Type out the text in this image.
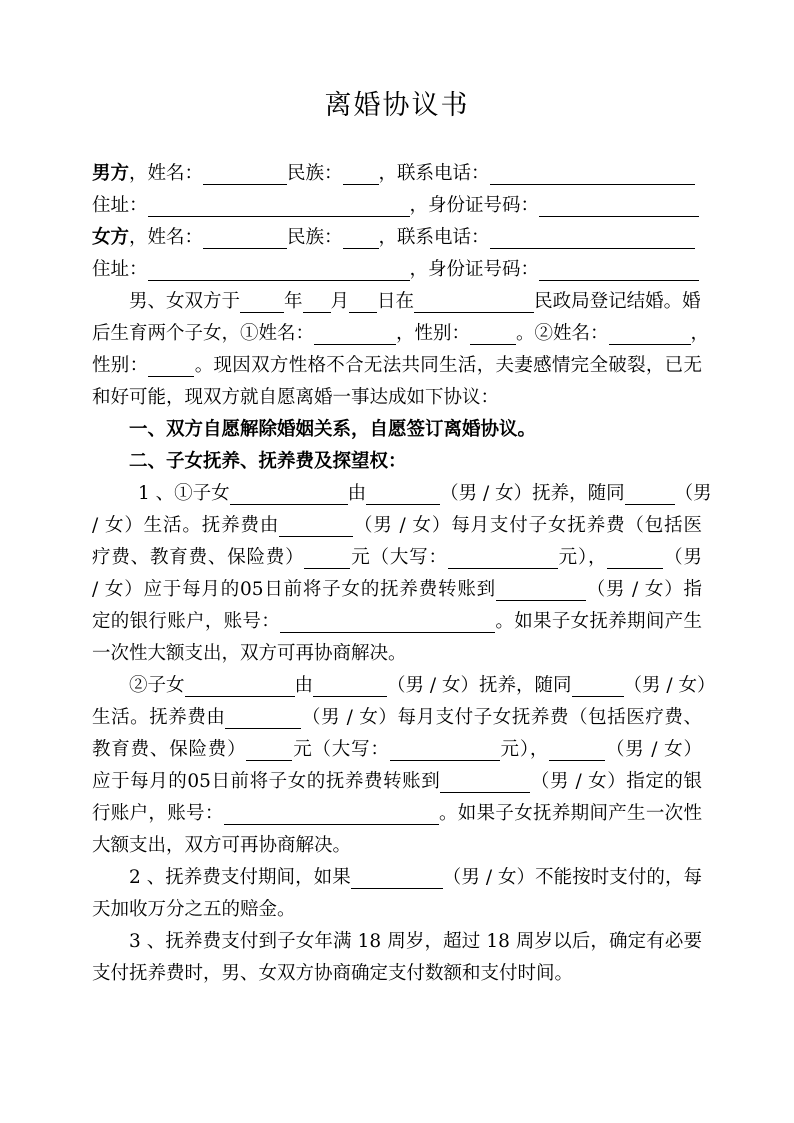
离婚协议书
男方，姓名：	民族： ，联系电话：
住址：	，身份证号码：
女方，姓名：	民族： ，联系电话：
住址：	，身份证号码：
男、女双方于 年 月 日在	民政局登记结婚。婚
后生育两个子女，①姓名：	，性别： 。②姓名：	，
性别： 。现因双方性格不合无法共同生活，夫妻感情完全破裂，已无
和好可能，现双方就自愿离婚一事达成如下协议：
一、双方自愿解除婚姻关系，自愿签订离婚协议。
二、子女抚养、抚养费及探望权：
1 、①子女	由	（男 / 女）抚养，随同	（男
/ 女）生活。抚养费由	（男 / 女）每月支付子女抚养费（包括医
疗费、教育费、保险费） 元（大写：	元），	（男
/ 女）应于每月的05日前将子女的抚养费转账到	（男 / 女）指
定的银行账户，账号：	。如果子女抚养期间产生
一次性大额支出，双方可再协商解决。
②子女	由	（男 / 女）抚养，随同	（男 / 女）
生活。抚养费由	（男 / 女）每月支付子女抚养费（包括医疗费、
教育费、保险费） 元（大写：	元），	（男 / 女）
应于每月的05日前将子女的抚养费转账到	（男 / 女）指定的银
行账户，账号：	。如果子女抚养期间产生一次性
大额支出，双方可再协商解决。
2 、抚养费支付期间，如果	（男 / 女）不能按时支付的，每
天加收万分之五的赔金。
3 、抚养费支付到子女年满 18 周岁，超过 18 周岁以后，确定有必要
支付抚养费时，男、女双方协商确定支付数额和支付时间。
